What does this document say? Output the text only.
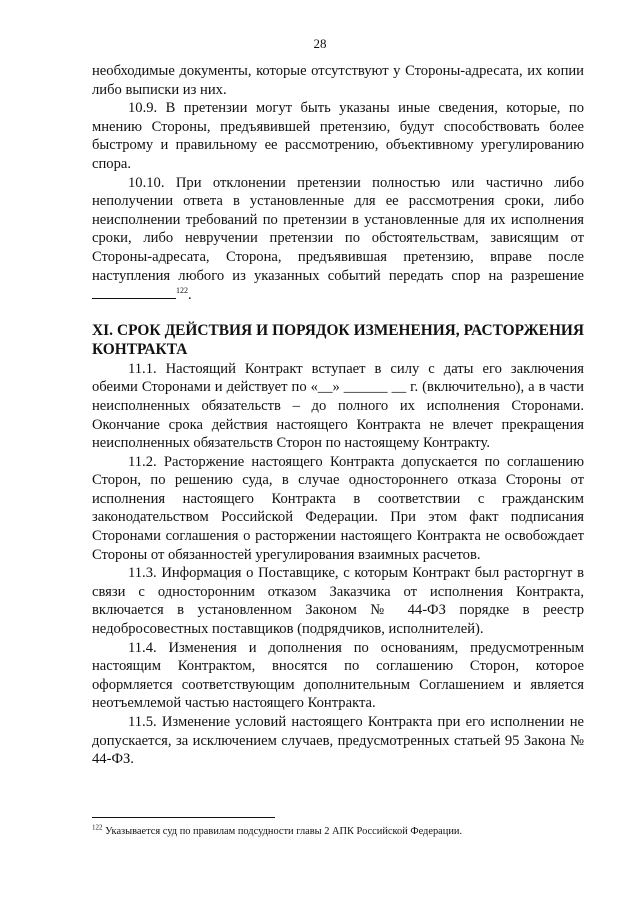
28

необходимые документы, которые отсутствуют у Стороны-адресата, их копии либо выписки из них.

10.9. В претензии могут быть указаны иные сведения, которые, по мнению Стороны, предъявившей претензию, будут способствовать более быстрому и правильному ее рассмотрению, объективному урегулированию спора.

10.10. При отклонении претензии полностью или частично либо неполучении ответа в установленные для ее рассмотрения сроки, либо неисполнении требований по претензии в установленные для их исполнения сроки, либо невручении претензии по обстоятельствам, зависящим от Стороны-адресата, Сторона, предъявившая претензию, вправе после наступления любого из указанных событий передать спор на разрешение $^{122}$.

XI. СРОК ДЕЙСТВИЯ И ПОРЯДОК ИЗМЕНЕНИЯ, РАСТОРЖЕНИЯ КОНТРАКТА

11.1. Настоящий Контракт вступает в силу с даты его заключения обеими Сторонами и действует по «__» ______ __ г. (включительно), а в части неисполненных обязательств – до полного их исполнения Сторонами. Окончание срока действия настоящего Контракта не влечет прекращения неисполненных обязательств Сторон по настоящему Контракту.

11.2. Расторжение настоящего Контракта допускается по соглашению Сторон, по решению суда, в случае одностороннего отказа Стороны от исполнения настоящего Контракта в соответствии с гражданским законодательством Российской Федерации. При этом факт подписания Сторонами соглашения о расторжении настоящего Контракта не освобождает Стороны от обязанностей урегулирования взаимных расчетов.

11.3. Информация о Поставщике, с которым Контракт был расторгнут в связи с односторонним отказом Заказчика от исполнения Контракта, включается в установленном Законом № 44-ФЗ порядке в реестр недобросовестных поставщиков (подрядчиков, исполнителей).

11.4. Изменения и дополнения по основаниям, предусмотренным настоящим Контрактом, вносятся по соглашению Сторон, которое оформляется соответствующим дополнительным Соглашением и является неотъемлемой частью настоящего Контракта.

11.5. Изменение условий настоящего Контракта при его исполнении не допускается, за исключением случаев, предусмотренных статьей 95 Закона № 44-ФЗ.

$^{122}$ Указывается суд по правилам подсудности главы 2 АПК Российской Федерации.
